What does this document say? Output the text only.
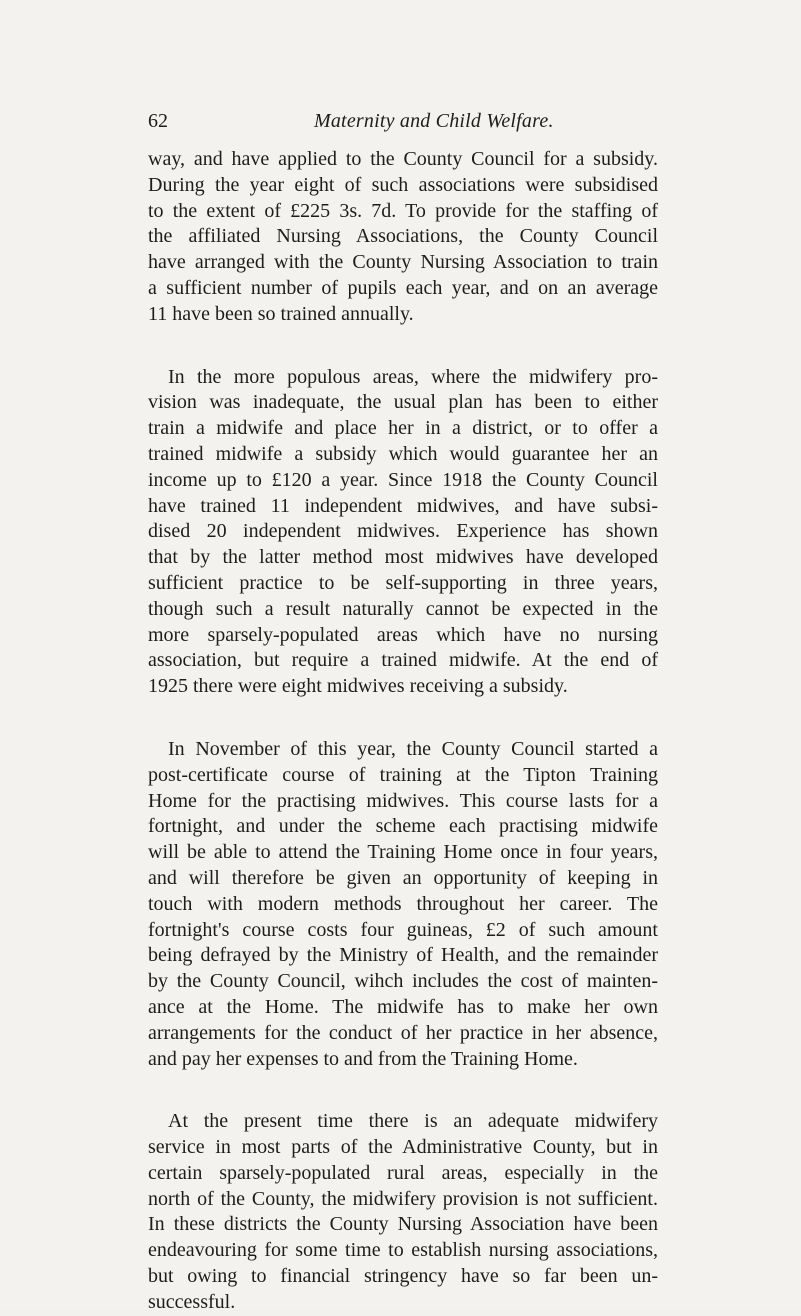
62	Maternity and Child Welfare.

way, and have applied to the County Council for a subsidy.
During the year eight of such associations were subsidised
to the extent of £225 3s. 7d. To provide for the staffing of
the affiliated Nursing Associations, the County Council
have arranged with the County Nursing Association to train
a sufficient number of pupils each year, and on an average
11 have been so trained annually.

In the more populous areas, where the midwifery pro-
vision was inadequate, the usual plan has been to either
train a midwife and place her in a district, or to offer a
trained midwife a subsidy which would guarantee her an
income up to £120 a year. Since 1918 the County Council
have trained 11 independent midwives, and have subsi-
dised 20 independent midwives. Experience has shown
that by the latter method most midwives have developed
sufficient practice to be self-supporting in three years,
though such a result naturally cannot be expected in the
more sparsely-populated areas which have no nursing
association, but require a trained midwife. At the end of
1925 there were eight midwives receiving a subsidy.

In November of this year, the County Council started a
post-certificate course of training at the Tipton Training
Home for the practising midwives. This course lasts for a
fortnight, and under the scheme each practising midwife
will be able to attend the Training Home once in four years,
and will therefore be given an opportunity of keeping in
touch with modern methods throughout her career. The
fortnight's course costs four guineas, £2 of such amount
being defrayed by the Ministry of Health, and the remainder
by the County Council, wihch includes the cost of mainten-
ance at the Home. The midwife has to make her own
arrangements for the conduct of her practice in her absence,
and pay her expenses to and from the Training Home.

At the present time there is an adequate midwifery
service in most parts of the Administrative County, but in
certain sparsely-populated rural areas, especially in the
north of the County, the midwifery provision is not sufficient.
In these districts the County Nursing Association have been
endeavouring for some time to establish nursing associations,
but owing to financial stringency have so far been un-
successful.
